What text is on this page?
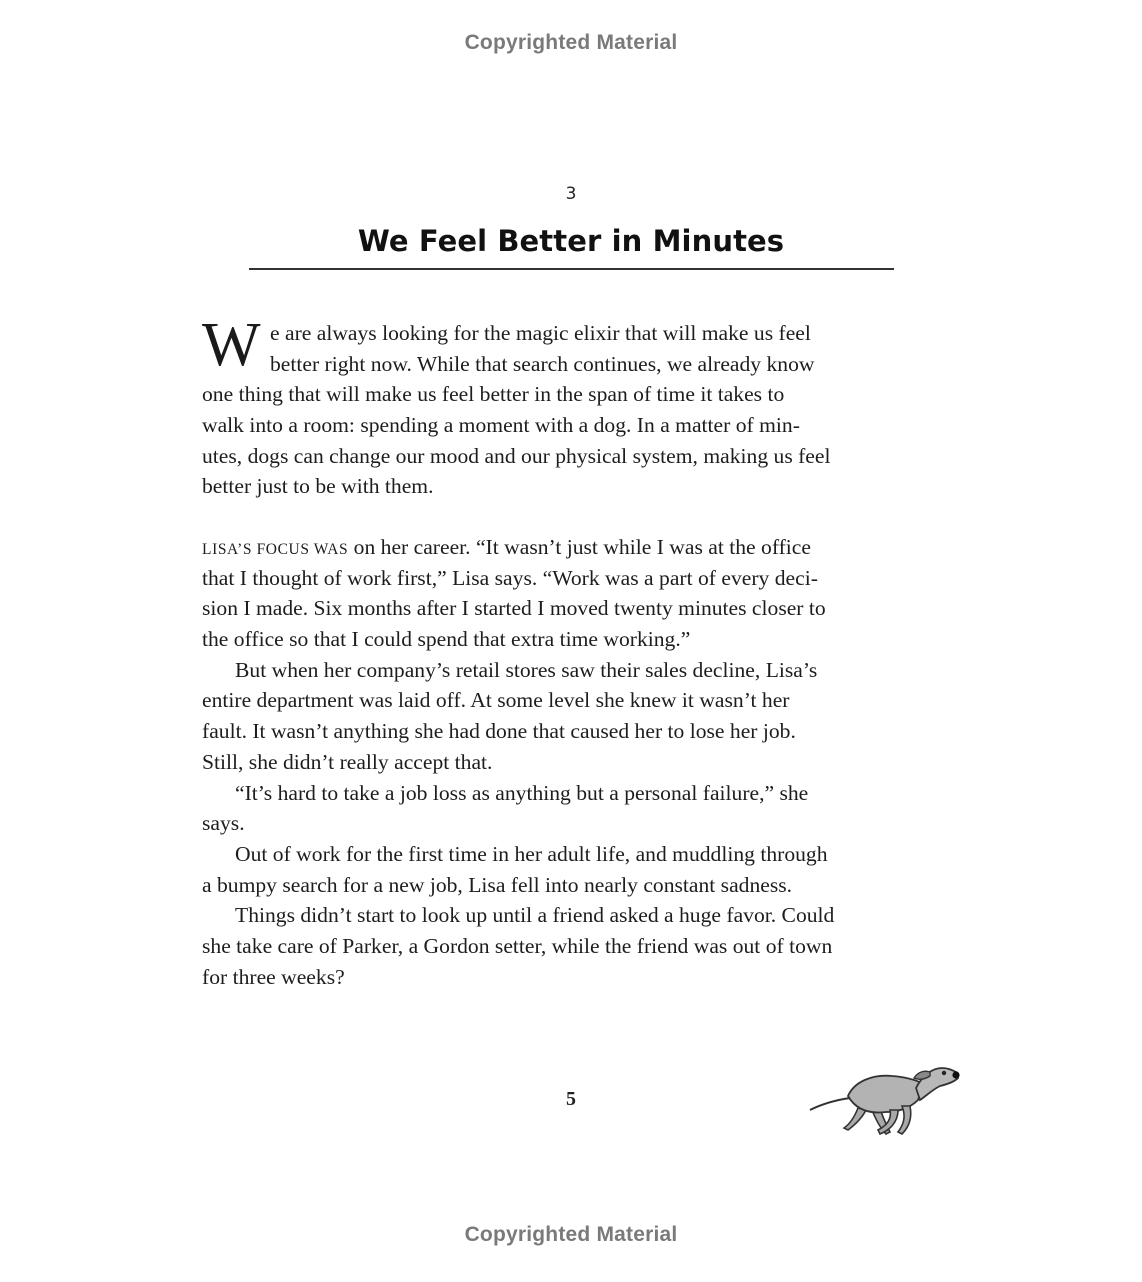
Copyrighted Material
3
We Feel Better in Minutes
W e are always looking for the magic elixir that will make us feel
better right now. While that search continues, we already know
one thing that will make us feel better in the span of time it takes to
walk into a room: spending a moment with a dog. In a matter of min-
utes, dogs can change our mood and our physical system, making us feel
better just to be with them.
LISA’S FOCUS WAS on her career. “It wasn’t just while I was at the office
that I thought of work first,” Lisa says. “Work was a part of every deci-
sion I made. Six months after I started I moved twenty minutes closer to
the office so that I could spend that extra time working.”
But when her company’s retail stores saw their sales decline, Lisa’s
entire department was laid off. At some level she knew it wasn’t her
fault. It wasn’t anything she had done that caused her to lose her job.
Still, she didn’t really accept that.
“It’s hard to take a job loss as anything but a personal failure,” she
says.
Out of work for the first time in her adult life, and muddling through
a bumpy search for a new job, Lisa fell into nearly constant sadness.
Things didn’t start to look up until a friend asked a huge favor. Could
she take care of Parker, a Gordon setter, while the friend was out of town
for three weeks?
5
Copyrighted Material
